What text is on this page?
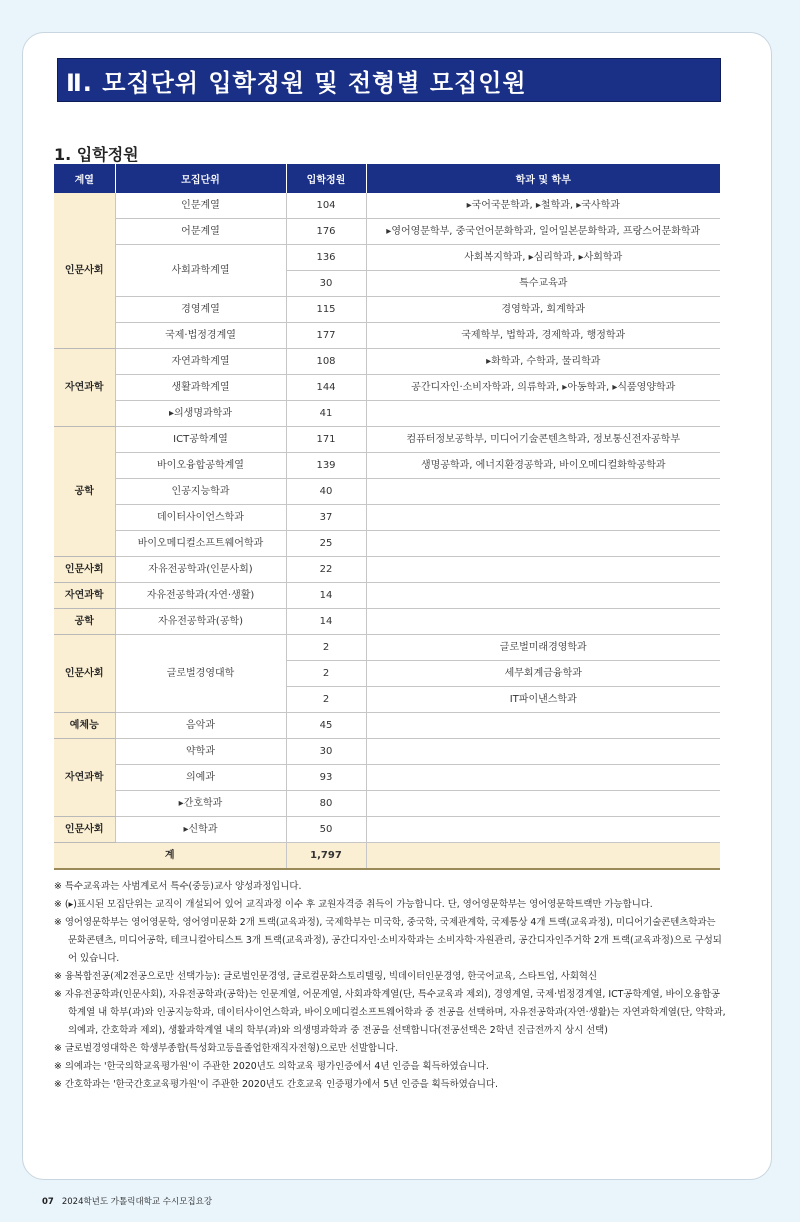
Ⅱ. 모집단위 입학정원 및 전형별 모집인원
1. 입학정원
계열	모집단위	입학정원	학과 및 학부
인문사회	인문계열	104	▸국어국문학과, ▸철학과, ▸국사학과
	어문계열	176	▸영어영문학부, 중국언어문화학과, 일어일본문화학과, 프랑스어문화학과
	사회과학계열	136	사회복지학과, ▸심리학과, ▸사회학과
		30	특수교육과
	경영계열	115	경영학과, 회계학과
	국제·법정경계열	177	국제학부, 법학과, 경제학과, 행정학과
자연과학	자연과학계열	108	▸화학과, 수학과, 물리학과
	생활과학계열	144	공간디자인·소비자학과, 의류학과, ▸아동학과, ▸식품영양학과
	▸의생명과학과	41	
공학	ICT공학계열	171	컴퓨터정보공학부, 미디어기술콘텐츠학과, 정보통신전자공학부
	바이오융합공학계열	139	생명공학과, 에너지환경공학과, 바이오메디컬화학공학과
	인공지능학과	40	
	데이터사이언스학과	37	
	바이오메디컬소프트웨어학과	25	
인문사회	자유전공학과(인문사회)	22	
자연과학	자유전공학과(자연·생활)	14	
공학	자유전공학과(공학)	14	
인문사회	글로벌경영대학	2	글로벌미래경영학과
		2	세무회계금융학과
		2	IT파이낸스학과
예체능	음악과	45	
자연과학	약학과	30	
	의예과	93	
	▸간호학과	80	
인문사회	▸신학과	50	
계		1,797	

※ 특수교육과는 사범계로서 특수(중등)교사 양성과정입니다.

※ (▸)표시된 모집단위는 교직이 개설되어 있어 교직과정 이수 후 교원자격증 취득이 가능합니다. 단, 영어영문학부는 영어영문학트랙만 가능합니다.

※ 영어영문학부는 영어영문학, 영어영미문화 2개 트랙(교육과정), 국제학부는 미국학, 중국학, 국제관계학, 국제통상 4개 트랙(교육과정), 미디어기술콘텐츠학과는 문화콘텐츠, 미디어공학, 테크니컬아티스트 3개 트랙(교육과정), 공간디자인·소비자학과는 소비자학·자원관리, 공간디자인주거학 2개 트랙(교육과정)으로 구성되어 있습니다.

※ 융복합전공(제2전공으로만 선택가능): 글로벌인문경영, 글로컬문화스토리텔링, 빅데이터인문경영, 한국어교육, 스타트업, 사회혁신

※ 자유전공학과(인문사회), 자유전공학과(공학)는 인문계열, 어문계열, 사회과학계열(단, 특수교육과 제외), 경영계열, 국제·법정경계열, ICT공학계열, 바이오융합공학계열 내 학부(과)와 인공지능학과, 데이터사이언스학과, 바이오메디컬소프트웨어학과 중 전공을 선택하며, 자유전공학과(자연·생활)는 자연과학계열(단, 약학과, 의예과, 간호학과 제외), 생활과학계열 내의 학부(과)와 의생명과학과 중 전공을 선택합니다(전공선택은 2학년 진급전까지 상시 선택)

※ 글로벌경영대학은 학생부종합(특성화고등을졸업한재직자전형)으로만 선발합니다.

※ 의예과는 '한국의학교육평가원'이 주관한 2020년도 의학교육 평가인증에서 4년 인증을 획득하였습니다.

※ 간호학과는 '한국간호교육평가원'이 주관한 2020년도 간호교육 인증평가에서 5년 인증을 획득하였습니다.

07 2024학년도 가톨릭대학교 수시모집요강
